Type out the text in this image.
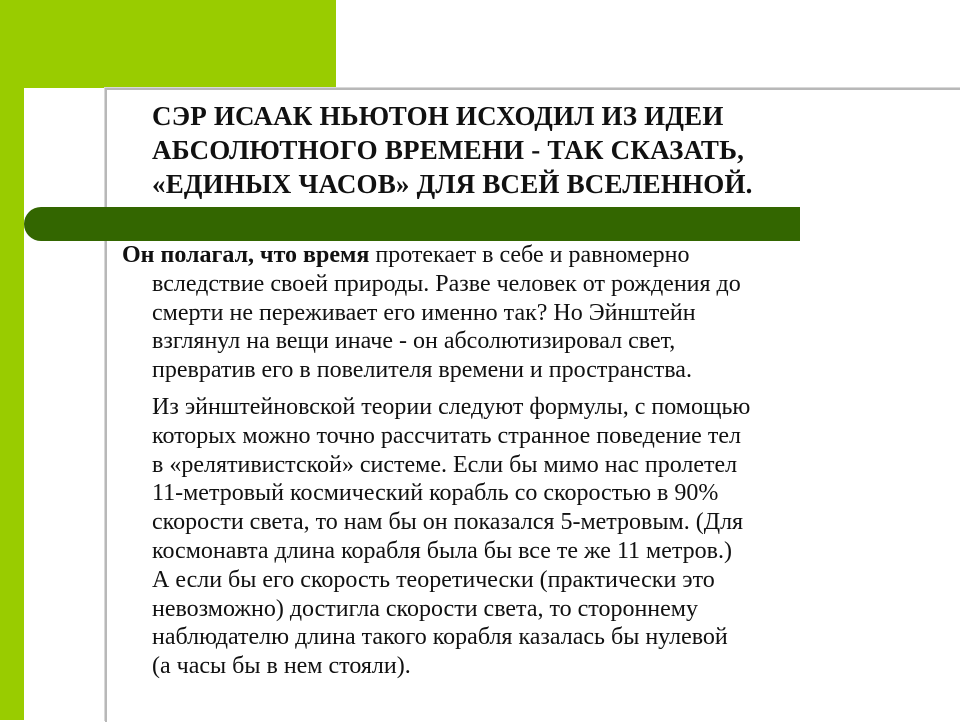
СЭР ИСААК НЬЮТОН ИСХОДИЛ ИЗ ИДЕИ
АБСОЛЮТНОГО ВРЕМЕНИ - ТАК СКАЗАТЬ,
«ЕДИНЫХ ЧАСОВ» ДЛЯ ВСЕЙ ВСЕЛЕННОЙ.
Он полагал, что время протекает в себе и равномерно
вследствие своей природы. Разве человек от рождения до
смерти не переживает его именно так? Но Эйнштейн
взглянул на вещи иначе - он абсолютизировал свет,
превратив его в повелителя времени и пространства.
Из эйнштейновской теории следуют формулы, с помощью
которых можно точно рассчитать странное поведение тел
в «релятивистской» системе. Если бы мимо нас пролетел
11-метровый космический корабль со скоростью в 90%
скорости света, то нам бы он показался 5-метровым. (Для
космонавта длина корабля была бы все те же 11 метров.)
А если бы его скорость теоретически (практически это
невозможно) достигла скорости света, то стороннему
наблюдателю длина такого корабля казалась бы нулевой
(а часы бы в нем стояли).
